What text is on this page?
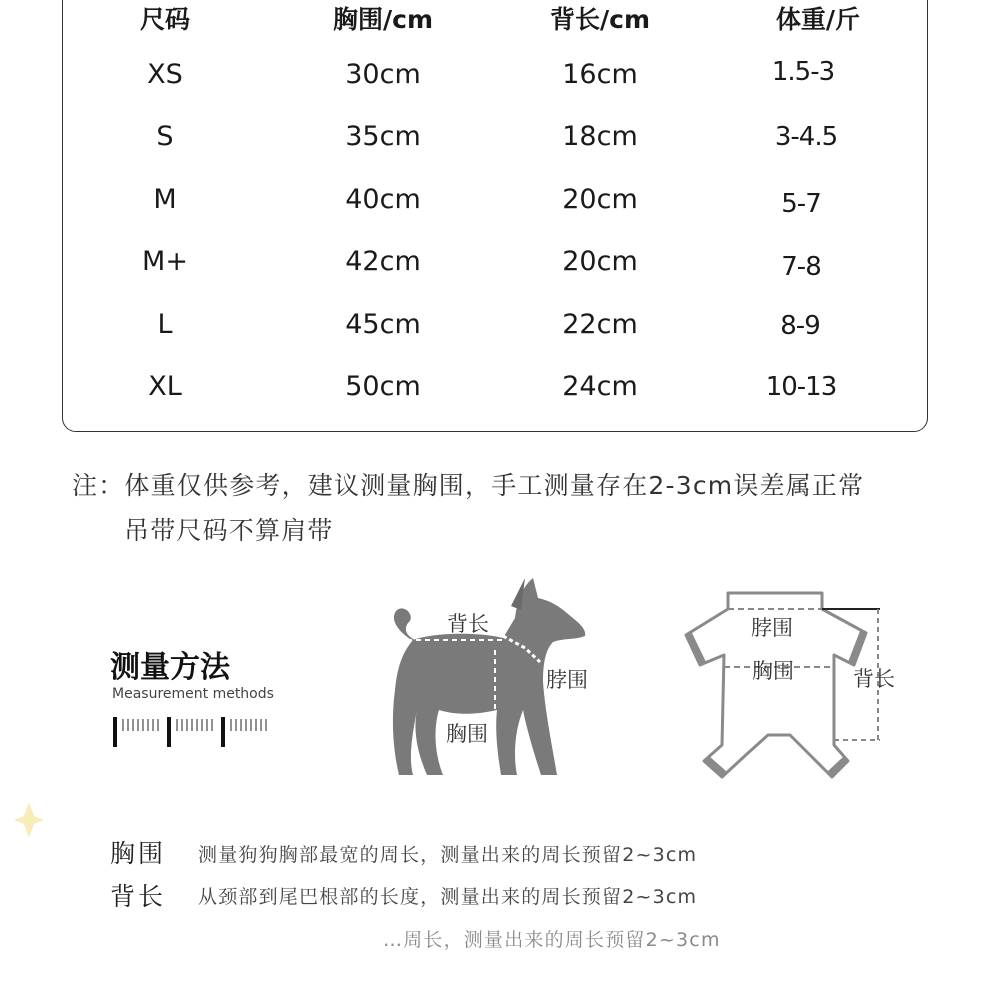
尺码	胸围/cm	背长/cm	体重/斤
XS	30cm	16cm	1.5-3
S	35cm	18cm	3-4.5
M	40cm	20cm	5-7
M+	42cm	20cm	7-8
L	45cm	22cm	8-9
XL	50cm	24cm	10-13
注：体重仅供参考，建议测量胸围，手工测量存在2-3cm误差属正常
吊带尺码不算肩带
测量方法
Measurement methods
背长
脖围
胸围
脖围
胸围	背长
胸围 测量狗狗胸部最宽的周长，测量出来的周长预留2~3cm
背长 从颈部到尾巴根部的长度，测量出来的周长预留2~3cm
…周长，测量出来的周长预留2~3cm
